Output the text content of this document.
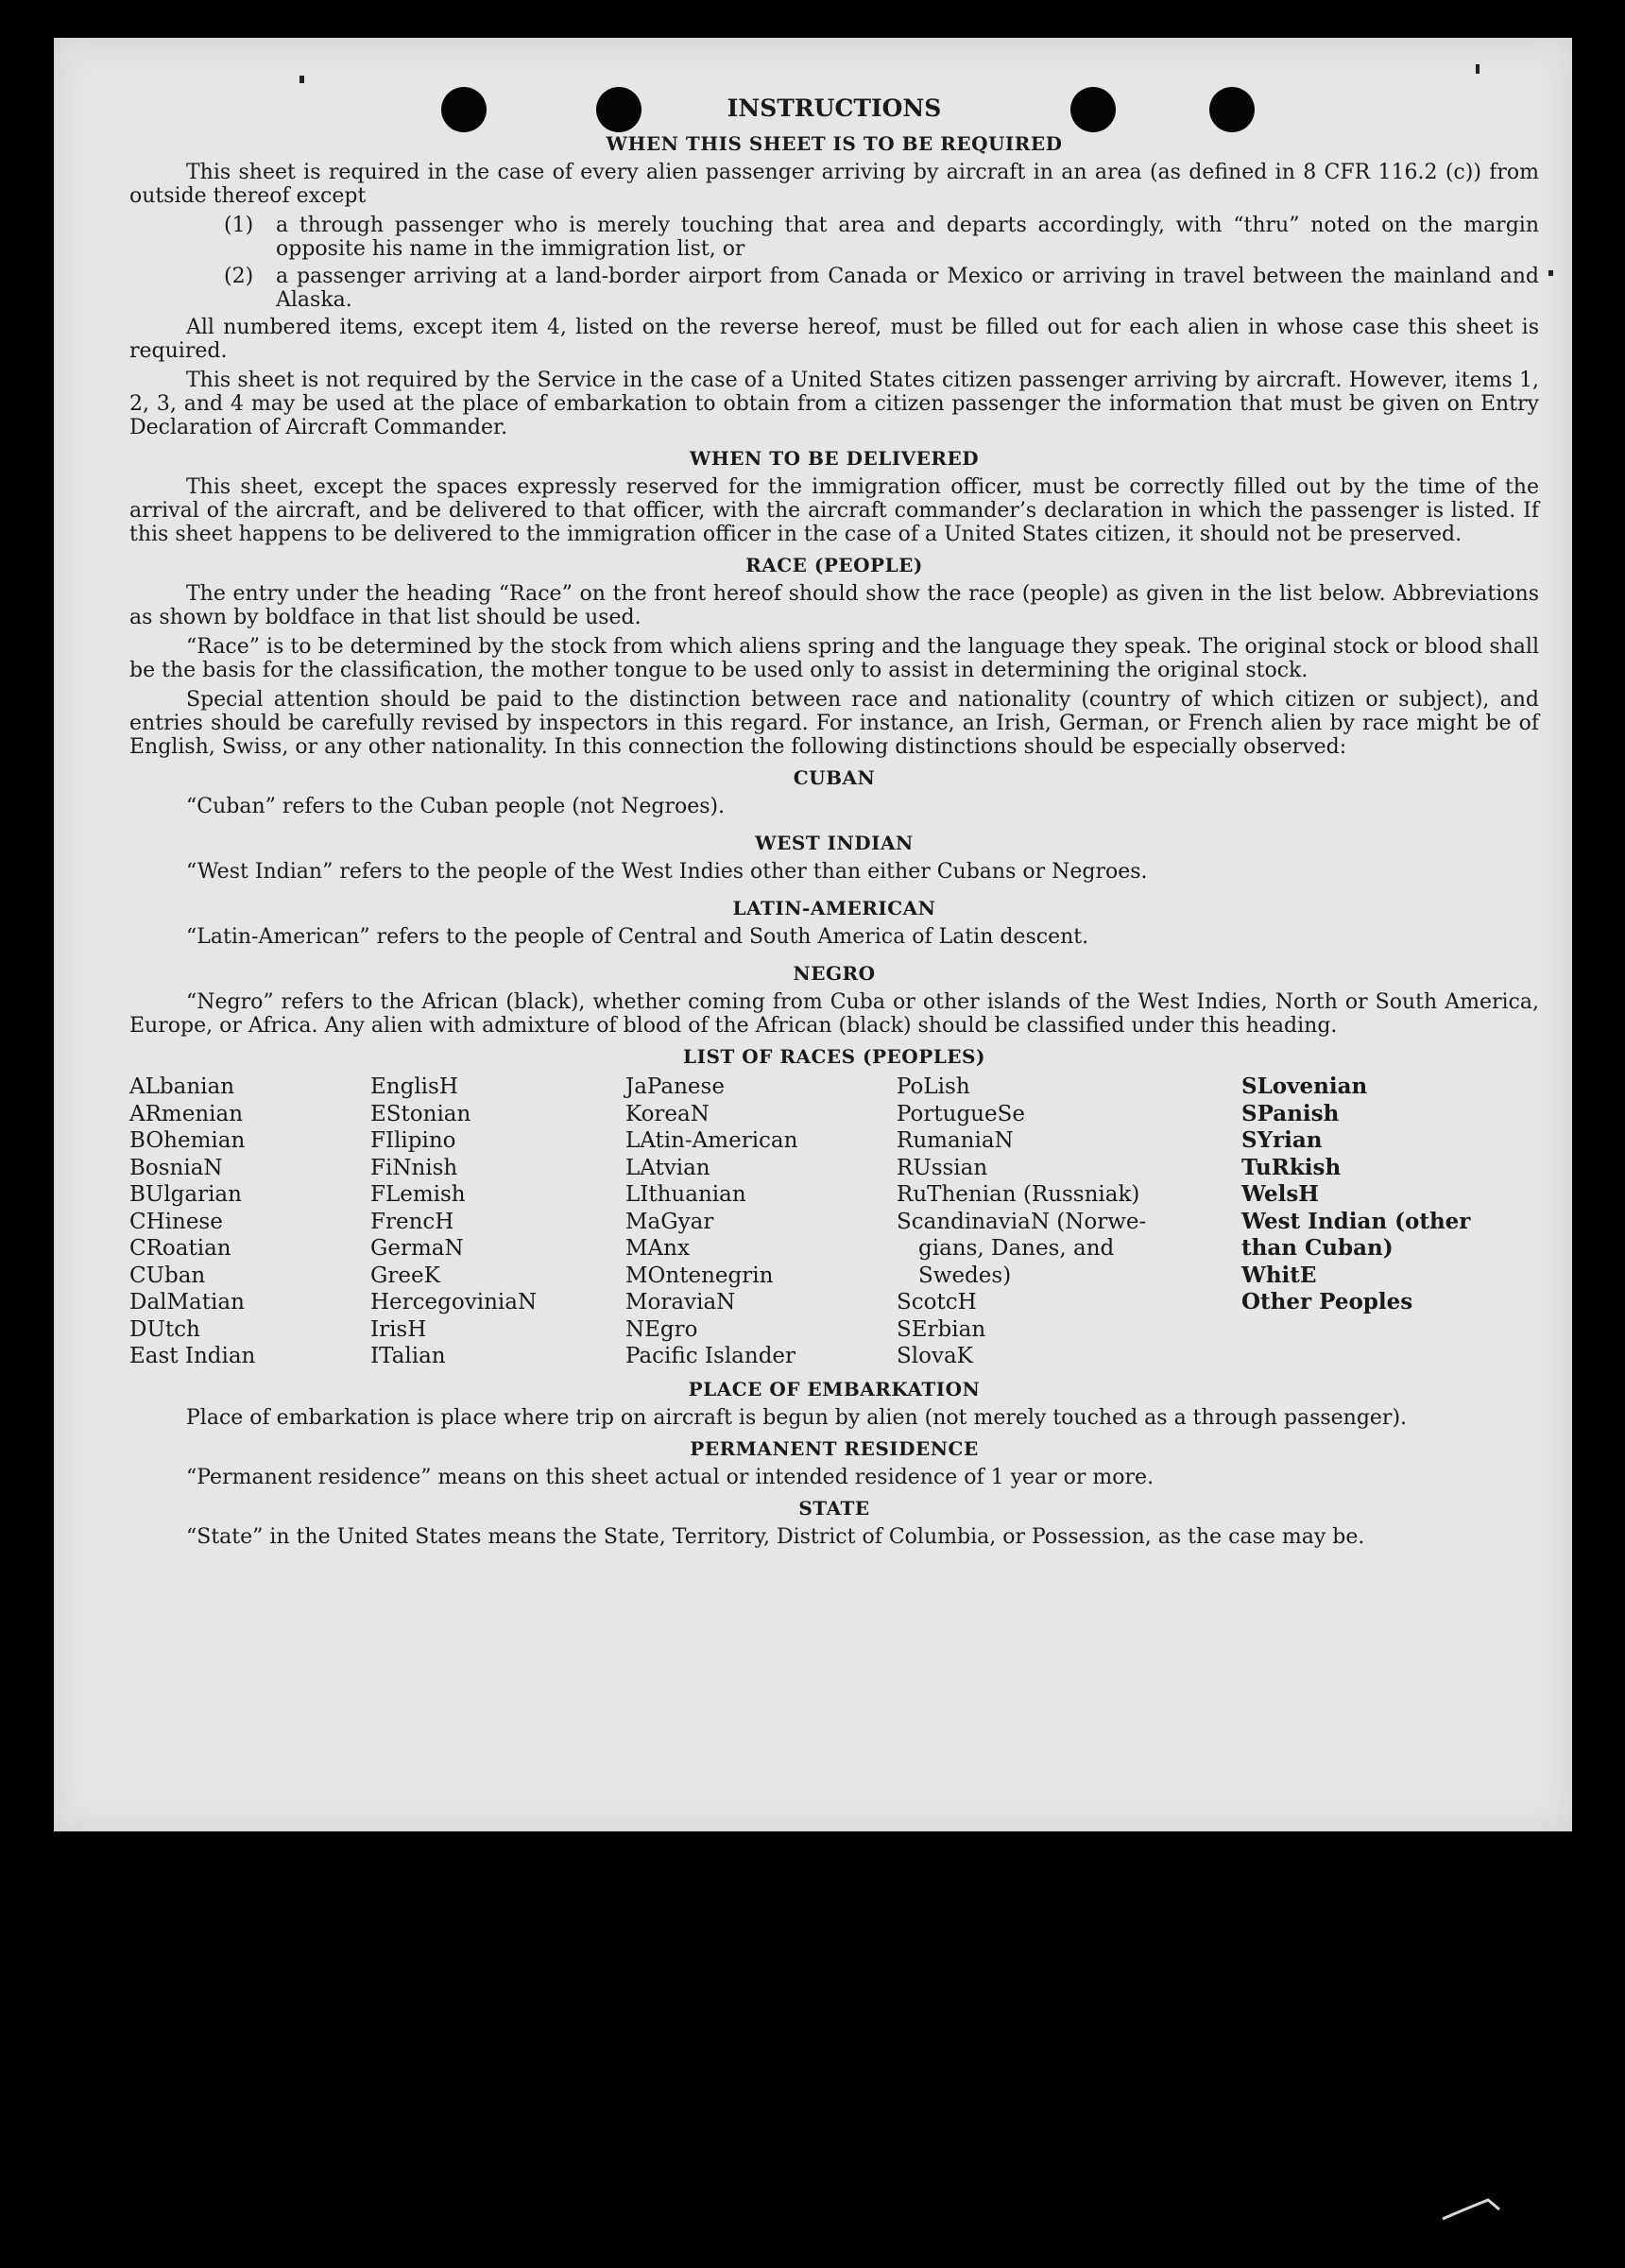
INSTRUCTIONS
WHEN THIS SHEET IS TO BE REQUIRED

This sheet is required in the case of every alien passenger arriving by aircraft in an area (as defined in 8 CFR 116.2 (c)) from outside thereof except

(1)	a through passenger who is merely touching that area and departs accordingly, with “thru” noted on the margin opposite his name in the immigration list, or
(2)	a passenger arriving at a land-border airport from Canada or Mexico or arriving in travel between the mainland and Alaska.

All numbered items, except item 4, listed on the reverse hereof, must be filled out for each alien in whose case this sheet is required.

This sheet is not required by the Service in the case of a United States citizen passenger arriving by aircraft. However, items 1, 2, 3, and 4 may be used at the place of embarkation to obtain from a citizen passenger the information that must be given on Entry Declaration of Aircraft Commander.

WHEN TO BE DELIVERED

This sheet, except the spaces expressly reserved for the immigration officer, must be correctly filled out by the time of the arrival of the aircraft, and be delivered to that officer, with the aircraft commander’s declaration in which the passenger is listed. If this sheet happens to be delivered to the immigration officer in the case of a United States citizen, it should not be preserved.

RACE (PEOPLE)

The entry under the heading “Race” on the front hereof should show the race (people) as given in the list below. Abbreviations as shown by boldface in that list should be used.

“Race” is to be determined by the stock from which aliens spring and the language they speak. The original stock or blood shall be the basis for the classification, the mother tongue to be used only to assist in determining the original stock.

Special attention should be paid to the distinction between race and nationality (country of which citizen or subject), and entries should be carefully revised by inspectors in this regard. For instance, an Irish, German, or French alien by race might be of English, Swiss, or any other nationality. In this connection the following distinctions should be especially observed:

CUBAN

“Cuban” refers to the Cuban people (not Negroes).

WEST INDIAN

“West Indian” refers to the people of the West Indies other than either Cubans or Negroes.

LATIN-AMERICAN

“Latin-American” refers to the people of Central and South America of Latin descent.

NEGRO

“Negro” refers to the African (black), whether coming from Cuba or other islands of the West Indies, North or South America, Europe, or Africa. Any alien with admixture of blood of the African (black) should be classified under this heading.

LIST OF RACES (PEOPLES)
ALbanian
ARmenian
BOhemian
BosniaN
BUlgarian
CHinese
CRoatian
CUban
DalMatian
DUtch
East Indian
EnglisH
EStonian
FIlipino
FiNnish
FLemish
FrencH
GermaN
GreeK
HercegoviniaN
IrisH
ITalian
JaPanese
KoreaN
LAtin-American
LAtvian
LIthuanian
MaGyar
MAnx
MOntenegrin
MoraviaN
NEgro
Pacific Islander
PoLish
PortugueSe
RumaniaN
RUssian
RuThenian (Russniak)
ScandinaviaN (Norwe-
 gians, Danes, and
 Swedes)
ScotcH
SErbian
SlovaK
SLovenian
SPanish
SYrian
TuRkish
WelsH
West Indian (other
than Cuban)
WhitE
Other Peoples
PLACE OF EMBARKATION

Place of embarkation is place where trip on aircraft is begun by alien (not merely touched as a through passenger).

PERMANENT RESIDENCE

“Permanent residence” means on this sheet actual or intended residence of 1 year or more.

STATE

“State” in the United States means the State, Territory, District of Columbia, or Possession, as the case may be.
